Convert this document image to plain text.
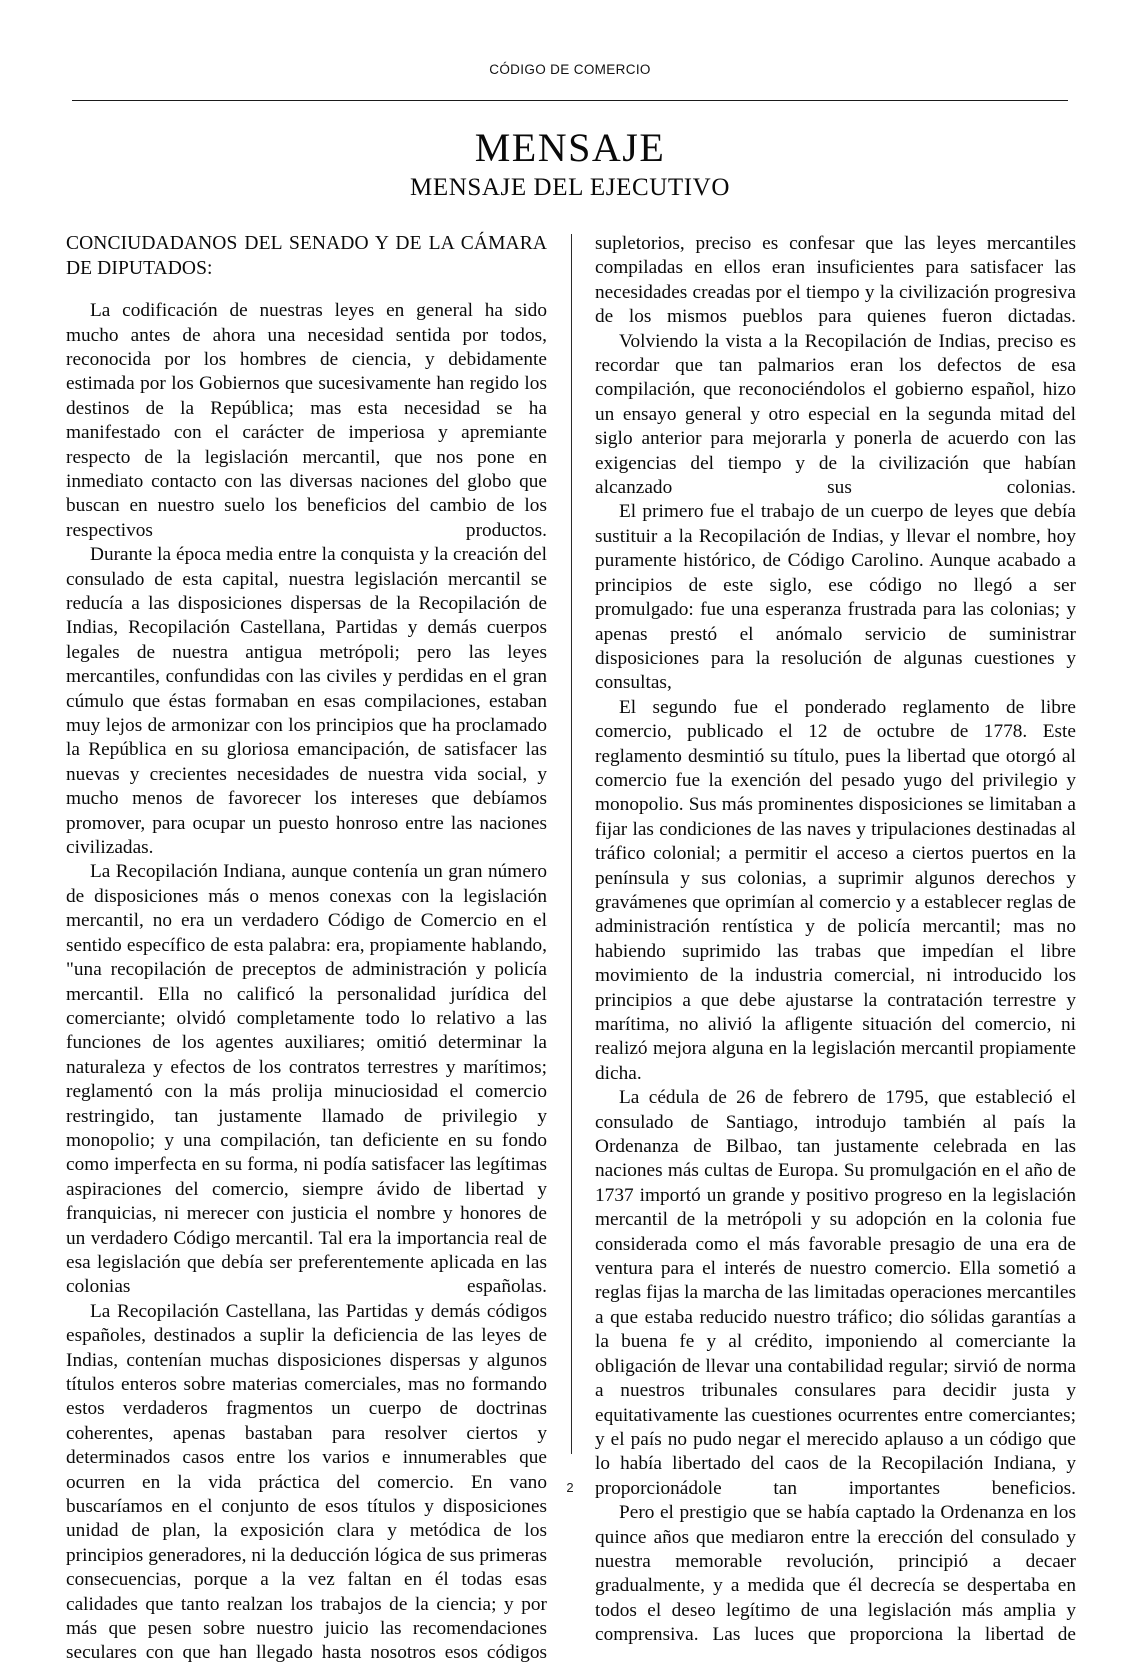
CÓDIGO DE COMERCIO
MENSAJE
MENSAJE DEL EJECUTIVO
CONCIUDADANOS DEL SENADO Y DE LA CÁMARA DE DIPUTADOS:

La codificación de nuestras leyes en general ha sido mucho antes de ahora una necesidad sentida por todos, reconocida por los hombres de ciencia, y debidamente estimada por los Gobiernos que sucesivamente han regido los destinos de la República; mas esta necesidad se ha manifestado con el carácter de imperiosa y apremiante respecto de la legislación mercantil, que nos pone en inmediato contacto con las diversas naciones del globo que buscan en nuestro suelo los beneficios del cambio de los respectivos productos.

Durante la época media entre la conquista y la creación del consulado de esta capital, nuestra legislación mercantil se reducía a las disposiciones dispersas de la Recopilación de Indias, Recopilación Castellana, Partidas y demás cuerpos legales de nuestra antigua metrópoli; pero las leyes mercantiles, confundidas con las civiles y perdidas en el gran cúmulo que éstas formaban en esas compilaciones, estaban muy lejos de armonizar con los principios que ha proclamado la República en su gloriosa emancipación, de satisfacer las nuevas y crecientes necesidades de nuestra vida social, y mucho menos de favorecer los intereses que debíamos promover, para ocupar un puesto honroso entre las naciones civilizadas.

La Recopilación Indiana, aunque contenía un gran número de disposiciones más o menos conexas con la legislación mercantil, no era un verdadero Código de Comercio en el sentido específico de esta palabra: era, propiamente hablando, "una recopilación de preceptos de administración y policía mercantil. Ella no calificó la personalidad jurídica del comerciante; olvidó completamente todo lo relativo a las funciones de los agentes auxiliares; omitió determinar la naturaleza y efectos de los contratos terrestres y marítimos; reglamentó con la más prolija minuciosidad el comercio restringido, tan justamente llamado de privilegio y monopolio; y una compilación, tan deficiente en su fondo como imperfecta en su forma, ni podía satisfacer las legítimas aspiraciones del comercio, siempre ávido de libertad y franquicias, ni merecer con justicia el nombre y honores de un verdadero Código mercantil. Tal era la importancia real de esa legislación que debía ser preferentemente aplicada en las colonias españolas.

La Recopilación Castellana, las Partidas y demás códigos españoles, destinados a suplir la deficiencia de las leyes de Indias, contenían muchas disposiciones dispersas y algunos títulos enteros sobre materias comerciales, mas no formando estos verdaderos fragmentos un cuerpo de doctrinas coherentes, apenas bastaban para resolver ciertos y determinados casos entre los varios e innumerables que ocurren en la vida práctica del comercio. En vano buscaríamos en el conjunto de esos títulos y disposiciones unidad de plan, la exposición clara y metódica de los principios generadores, ni la deducción lógica de sus primeras consecuencias, porque a la vez faltan en él todas esas calidades que tanto realzan los trabajos de la ciencia; y por más que pesen sobre nuestro juicio las recomendaciones seculares con que han llegado hasta nosotros esos códigos

supletorios, preciso es confesar que las leyes mercantiles compiladas en ellos eran insuficientes para satisfacer las necesidades creadas por el tiempo y la civilización progresiva de los mismos pueblos para quienes fueron dictadas.

Volviendo la vista a la Recopilación de Indias, preciso es recordar que tan palmarios eran los defectos de esa compilación, que reconociéndolos el gobierno español, hizo un ensayo general y otro especial en la segunda mitad del siglo anterior para mejorarla y ponerla de acuerdo con las exigencias del tiempo y de la civilización que habían alcanzado sus colonias.

El primero fue el trabajo de un cuerpo de leyes que debía sustituir a la Recopilación de Indias, y llevar el nombre, hoy puramente histórico, de Código Carolino. Aunque acabado a principios de este siglo, ese código no llegó a ser promulgado: fue una esperanza frustrada para las colonias; y apenas prestó el anómalo servicio de suministrar disposiciones para la resolución de algunas cuestiones y consultas,

El segundo fue el ponderado reglamento de libre comercio, publicado el 12 de octubre de 1778. Este reglamento desmintió su título, pues la libertad que otorgó al comercio fue la exención del pesado yugo del privilegio y monopolio. Sus más prominentes disposiciones se limitaban a fijar las condiciones de las naves y tripulaciones destinadas al tráfico colonial; a permitir el acceso a ciertos puertos en la península y sus colonias, a suprimir algunos derechos y gravámenes que oprimían al comercio y a establecer reglas de administración rentística y de policía mercantil; mas no habiendo suprimido las trabas que impedían el libre movimiento de la industria comercial, ni introducido los principios a que debe ajustarse la contratación terrestre y marítima, no alivió la afligente situación del comercio, ni realizó mejora alguna en la legislación mercantil propiamente dicha.

La cédula de 26 de febrero de 1795, que estableció el consulado de Santiago, introdujo también al país la Ordenanza de Bilbao, tan justamente celebrada en las naciones más cultas de Europa. Su promulgación en el año de 1737 importó un grande y positivo progreso en la legislación mercantil de la metrópoli y su adopción en la colonia fue considerada como el más favorable presagio de una era de ventura para el interés de nuestro comercio. Ella sometió a reglas fijas la marcha de las limitadas operaciones mercantiles a que estaba reducido nuestro tráfico; dio sólidas garantías a la buena fe y al crédito, imponiendo al comerciante la obligación de llevar una contabilidad regular; sirvió de norma a nuestros tribunales consulares para decidir justa y equitativamente las cuestiones ocurrentes entre comerciantes; y el país no pudo negar el merecido aplauso a un código que lo había libertado del caos de la Recopilación Indiana, y proporcionádole tan importantes beneficios.

Pero el prestigio que se había captado la Ordenanza en los quince años que mediaron entre la erección del consulado y nuestra memorable revolución, principió a decaer gradualmente, y a medida que él decrecía se despertaba en todos el deseo legítimo de una legislación más amplia y comprensiva. Las luces que proporciona la libertad de

2
